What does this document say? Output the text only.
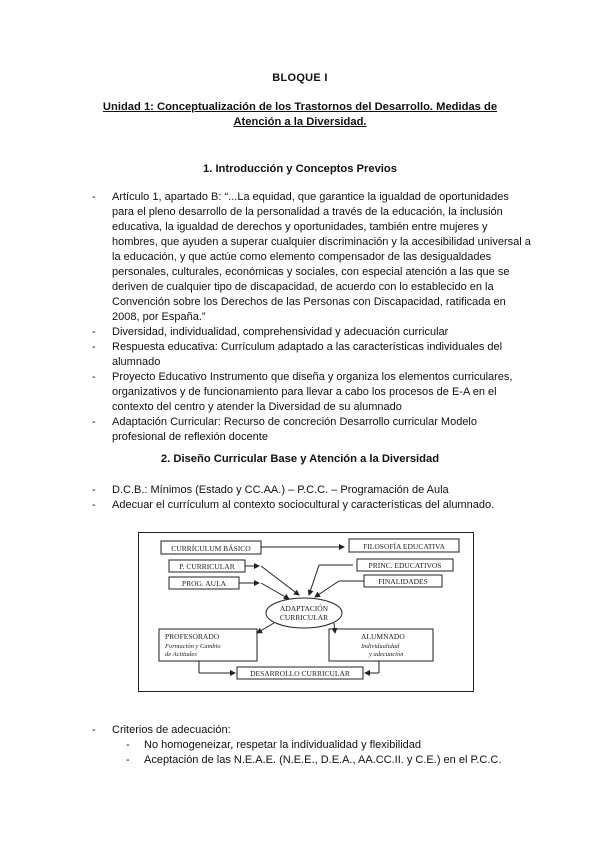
BLOQUE I
Unidad 1: Conceptualización de los Trastornos del Desarrollo. Medidas de Atención a la Diversidad.
1. Introducción y Conceptos Previos
- Artículo 1, apartado B: “...La equidad, que garantice la igualdad de oportunidades para el pleno desarrollo de la personalidad a través de la educación, la inclusión educativa, la igualdad de derechos y oportunidades, también entre mujeres y hombres, que ayuden a superar cualquier discriminación y la accesibilidad universal a la educación, y que actúe como elemento compensador de las desigualdades personales, culturales, económicas y sociales, con especial atención a las que se deriven de cualquier tipo de discapacidad, de acuerdo con lo establecido en la Convención sobre los Derechos de las Personas con Discapacidad, ratificada en 2008, por España.”
- Diversidad, individualidad, comprehensividad y adecuación curricular
- Respuesta educativa: Currículum adaptado a las características individuales del alumnado
- Proyecto Educativo Instrumento que diseña y organiza los elementos curriculares, organizativos y de funcionamiento para llevar a cabo los procesos de E-A en el contexto del centro y atender la Diversidad de su alumnado
- Adaptación Curricular: Recurso de concreción Desarrollo curricular Modelo profesional de reflexión docente
2. Diseño Curricular Base y Atención a la Diversidad
- D.C.B.: Mínimos (Estado y CC.AA.) – P.C.C. – Programación de Aula
- Adecuar el currículum al contexto sociocultural y características del alumnado.
CURRÍCULUM BÁSICO
P. CURRICULAR
PROG. AULA
FILOSOFÍA EDUCATIVA
PRINC. EDUCATIVOS
FINALIDADES
ADAPTACIÓN
CURRICULAR
PROFESORADO
Formación y Cambio
de Actitudes
ALUMNADO
Individualidad
y adecuación
DESARROLLO CURRICULAR
- Criterios de adecuación:
- No homogeneizar, respetar la individualidad y flexibilidad
- Aceptación de las N.E.A.E. (N.E.E., D.E.A., AA.CC.II. y C.E.) en el P.C.C.
